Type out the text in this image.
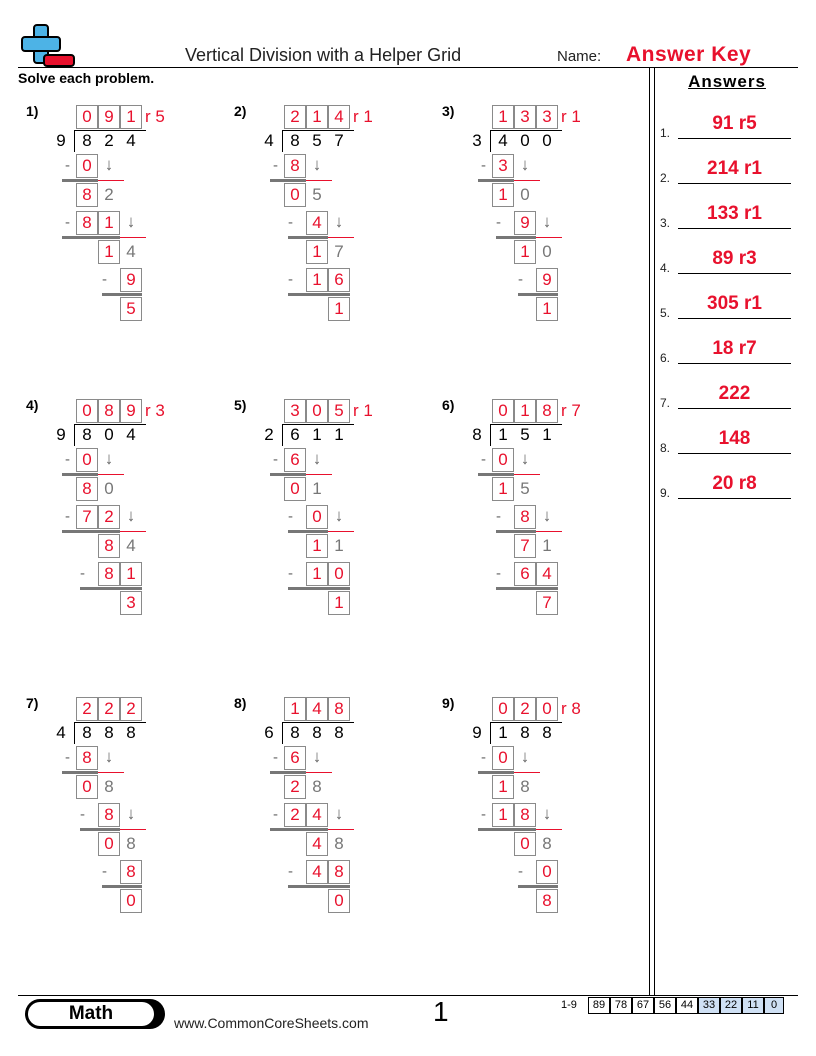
Vertical Division with a Helper Grid	Name: Answer Key
Solve each problem.	Answers
1.	91 r5
2.	214 r1
3.	133 r1
4.	89 r3
5.	305 r1
6.	18 r7
7.	222
8.	148
9.	20 r8
1)	0 9 1 r 5
9 8 2 4
- 0 ↓
8 2
- 8 1 ↓
1 4
-	9
5
2)	2 1 4 r 1
4 8 5 7
- 8 ↓
0 5
-	4 ↓
1 7
-	1 6
1
3)	1 3 3 r 1
3 4 0 0
- 3 ↓
1 0
-	9 ↓
1 0
-	9
1
4)	0 8 9 r 3
9 8 0 4
- 0 ↓
8 0
- 7 2 ↓
8 4
-	8 1
3
5)	3 0 5 r 1
2 6 1 1
- 6 ↓
0 1
-	0 ↓
1 1
-	1 0
1
6)	0 1 8 r 7
8 1 5 1
- 0 ↓
1 5
-	8 ↓
7 1
-	6 4
7
7)	2 2 2
4 8 8 8
- 8 ↓
0 8
-	8 ↓
0 8
-	8
0
8)	1 4 8
6 8 8 8
- 6 ↓
2 8
- 2 4 ↓
4 8
-	4 8
0
9)	0 2 0 r 8
9 1 8 8
- 0 ↓
1 8
- 1 8 ↓
0 8
-	0
8
Math	www.CommonCoreSheets.com 1	1-9	89 78 67 56 44 33 22 11	0
